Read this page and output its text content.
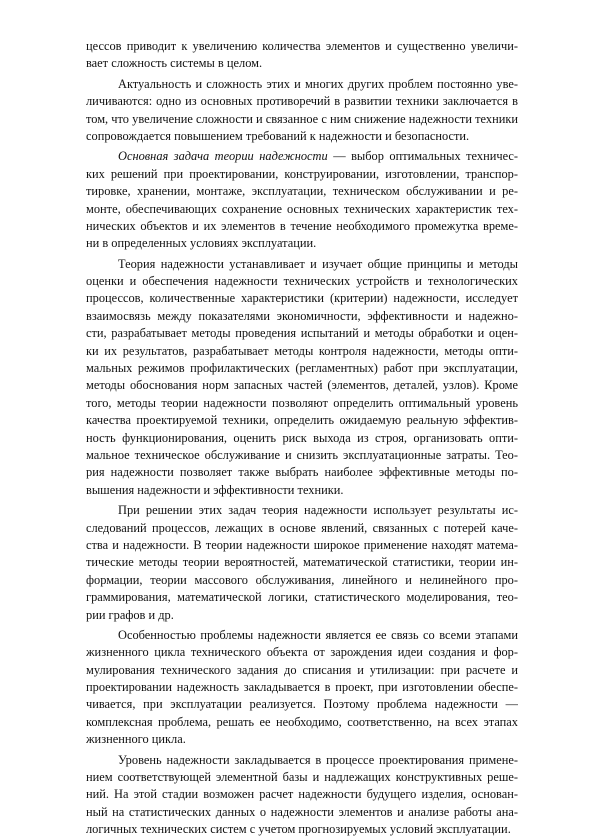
цессов приводит к увеличению количества элементов и существенно увеличи-
вает сложность системы в целом.
Актуальность и сложность этих и многих других проблем постоянно уве-
личиваются: одно из основных противоречий в развитии техники заключается в
том, что увеличение сложности и связанное с ним снижение надежности техники
сопровождается повышением требований к надежности и безопасности.
Основная задача теории надежности — выбор оптимальных техничес-
ких решений при проектировании, конструировании, изготовлении, транспор-
тировке, хранении, монтаже, эксплуатации, техническом обслуживании и ре-
монте, обеспечивающих сохранение основных технических характеристик тех-
нических объектов и их элементов в течение необходимого промежутка време-
ни в определенных условиях эксплуатации.
Теория надежности устанавливает и изучает общие принципы и методы
оценки и обеспечения надежности технических устройств и технологических
процессов, количественные характеристики (критерии) надежности, исследует
взаимосвязь между показателями экономичности, эффективности и надежно-
сти, разрабатывает методы проведения испытаний и методы обработки и оцен-
ки их результатов, разрабатывает методы контроля надежности, методы опти-
мальных режимов профилактических (регламентных) работ при эксплуатации,
методы обоснования норм запасных частей (элементов, деталей, узлов). Кроме
того, методы теории надежности позволяют определить оптимальный уровень
качества проектируемой техники, определить ожидаемую реальную эффектив-
ность функционирования, оценить риск выхода из строя, организовать опти-
мальное техническое обслуживание и снизить эксплуатационные затраты. Тео-
рия надежности позволяет также выбрать наиболее эффективные методы по-
вышения надежности и эффективности техники.
При решении этих задач теория надежности использует результаты ис-
следований процессов, лежащих в основе явлений, связанных с потерей каче-
ства и надежности. В теории надежности широкое применение находят матема-
тические методы теории вероятностей, математической статистики, теории ин-
формации, теории массового обслуживания, линейного и нелинейного про-
граммирования, математической логики, статистического моделирования, тео-
рии графов и др.
Особенностью проблемы надежности является ее связь со всеми этапами
жизненного цикла технического объекта от зарождения идеи создания и фор-
мулирования технического задания до списания и утилизации: при расчете и
проектировании надежность закладывается в проект, при изготовлении обеспе-
чивается, при эксплуатации реализуется. Поэтому проблема надежности —
комплексная проблема, решать ее необходимо, соответственно, на всех этапах
жизненного цикла.
Уровень надежности закладывается в процессе проектирования примене-
нием соответствующей элементной базы и надлежащих конструктивных реше-
ний. На этой стадии возможен расчет надежности будущего изделия, основан-
ный на статистических данных о надежности элементов и анализе работы ана-
логичных технических систем с учетом прогнозируемых условий эксплуатации.
